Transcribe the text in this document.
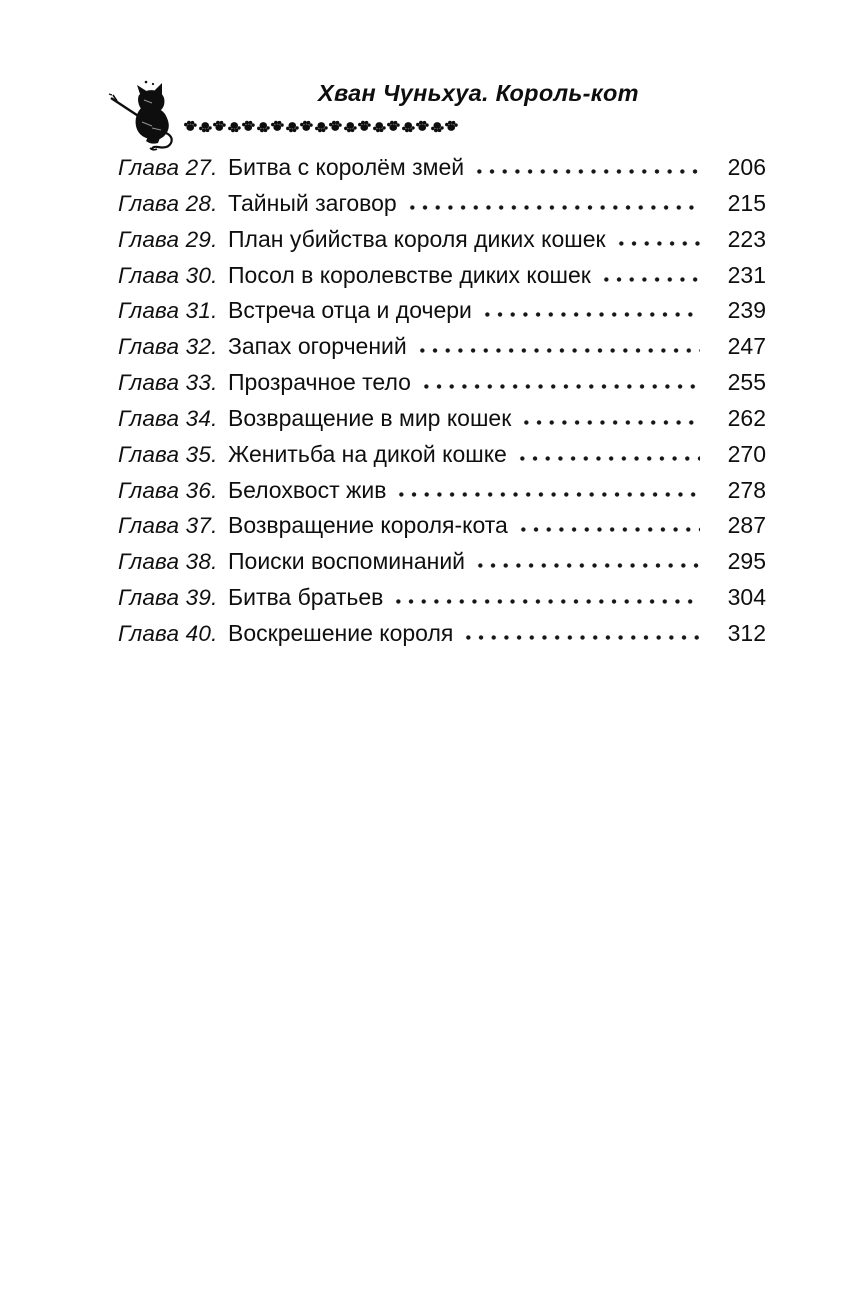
Хван Чуньхуа. Король-кот
Глава 27. Битва с королём змей	206
Глава 28. Тайный заговор	215
Глава 29. План убийства короля диких кошек	223
Глава 30. Посол в королевстве диких кошек	231
Глава 31. Встреча отца и дочери	239
Глава 32. Запах огорчений	247
Глава 33. Прозрачное тело	255
Глава 34. Возвращение в мир кошек	262
Глава 35. Женитьба на дикой кошке	270
Глава 36. Белохвост жив	278
Глава 37. Возвращение короля-кота	287
Глава 38. Поиски воспоминаний	295
Глава 39. Битва братьев	304
Глава 40. Воскрешение короля	312
